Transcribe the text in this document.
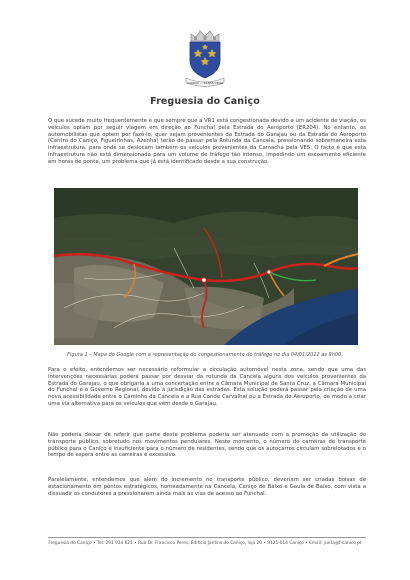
CANIÇO — SANTA CRUZ
Freguesia do Caniço

O que sucede muito frequentemente é que sempre que a VR1 está congestionada devido a um acidente de viação, os veículos optam por seguir viagem em direção ao Funchal pela Estrada do Aeroporto (ER204). No entanto, os automobilistas que optem por fazê-lo, quer sejam provenientes da Estrada do Garajau ou da Estrada do Aeroporto (Centro do Caniço, Figueirinhas, Azenha) terão de passar pela Rotunda da Cancela, pressionando sobremaneira esta infraestrutura, para onde se deslocam também os veículos provenientes da Camacha pela VE5. O facto é que esta infraestrutura não está dimensionada para um volume de tráfego tão intenso, impedindo um escoamento eficiente em horas de ponta, um problema que já está identificado desde a sua construção.

Figura 1 – Mapa do Google com a representação do congestionamento do tráfego no dia 04/01/2022 às 9h00.

Para o efeito, entendemos ser necessário reformular a circulação automóvel nesta zona, sendo que uma das intervenções necessárias poderá passar por desviar da rotunda da Cancela alguns dos veículos provenientes da Estrada do Garajau, o que obrigaria a uma concertação entre a Câmara Municipal de Santa Cruz, a Câmara Municipal do Funchal e o Governo Regional, devido à jurisdição das estradas. Esta solução poderá passar pela criação de uma nova acessibilidade entre o Caminho da Cancela e a Rua Conde Carvalhal ou a Estrada do Aeroporto, de modo a criar uma via alternativa para os veículos que vêm desde o Garajau.

Não poderia deixar de referir que parte deste problema poderia ser atenuado com a promoção da utilização do transporte público, sobretudo nos movimentos pendulares. Neste momento, o número de carreiras de transporte público para o Caniço é insuficiente para o número de residentes, sendo que os autocarros circulam sobrelotados e o tempo de espera entre as carreiras é excessivo.

Paralelamente, entendemos que além do incremento no transporte público, deveriam ser criadas bolsas de estacionamento em pontos estratégicos, nomeadamente na Cancela, Caniço de Baixo e Gaula de Baixo, com vista a dissuadir os condutores a pressionarem ainda mais as vias de acesso ao Funchal.

Freguesia do Caniço • Tel: 291 934 621 • Rua Dr. Francisco Peres, Edifício Jardins do Caniço, loja 20 • 9125-014 Caniço • Email: junta@f-canico.pt
